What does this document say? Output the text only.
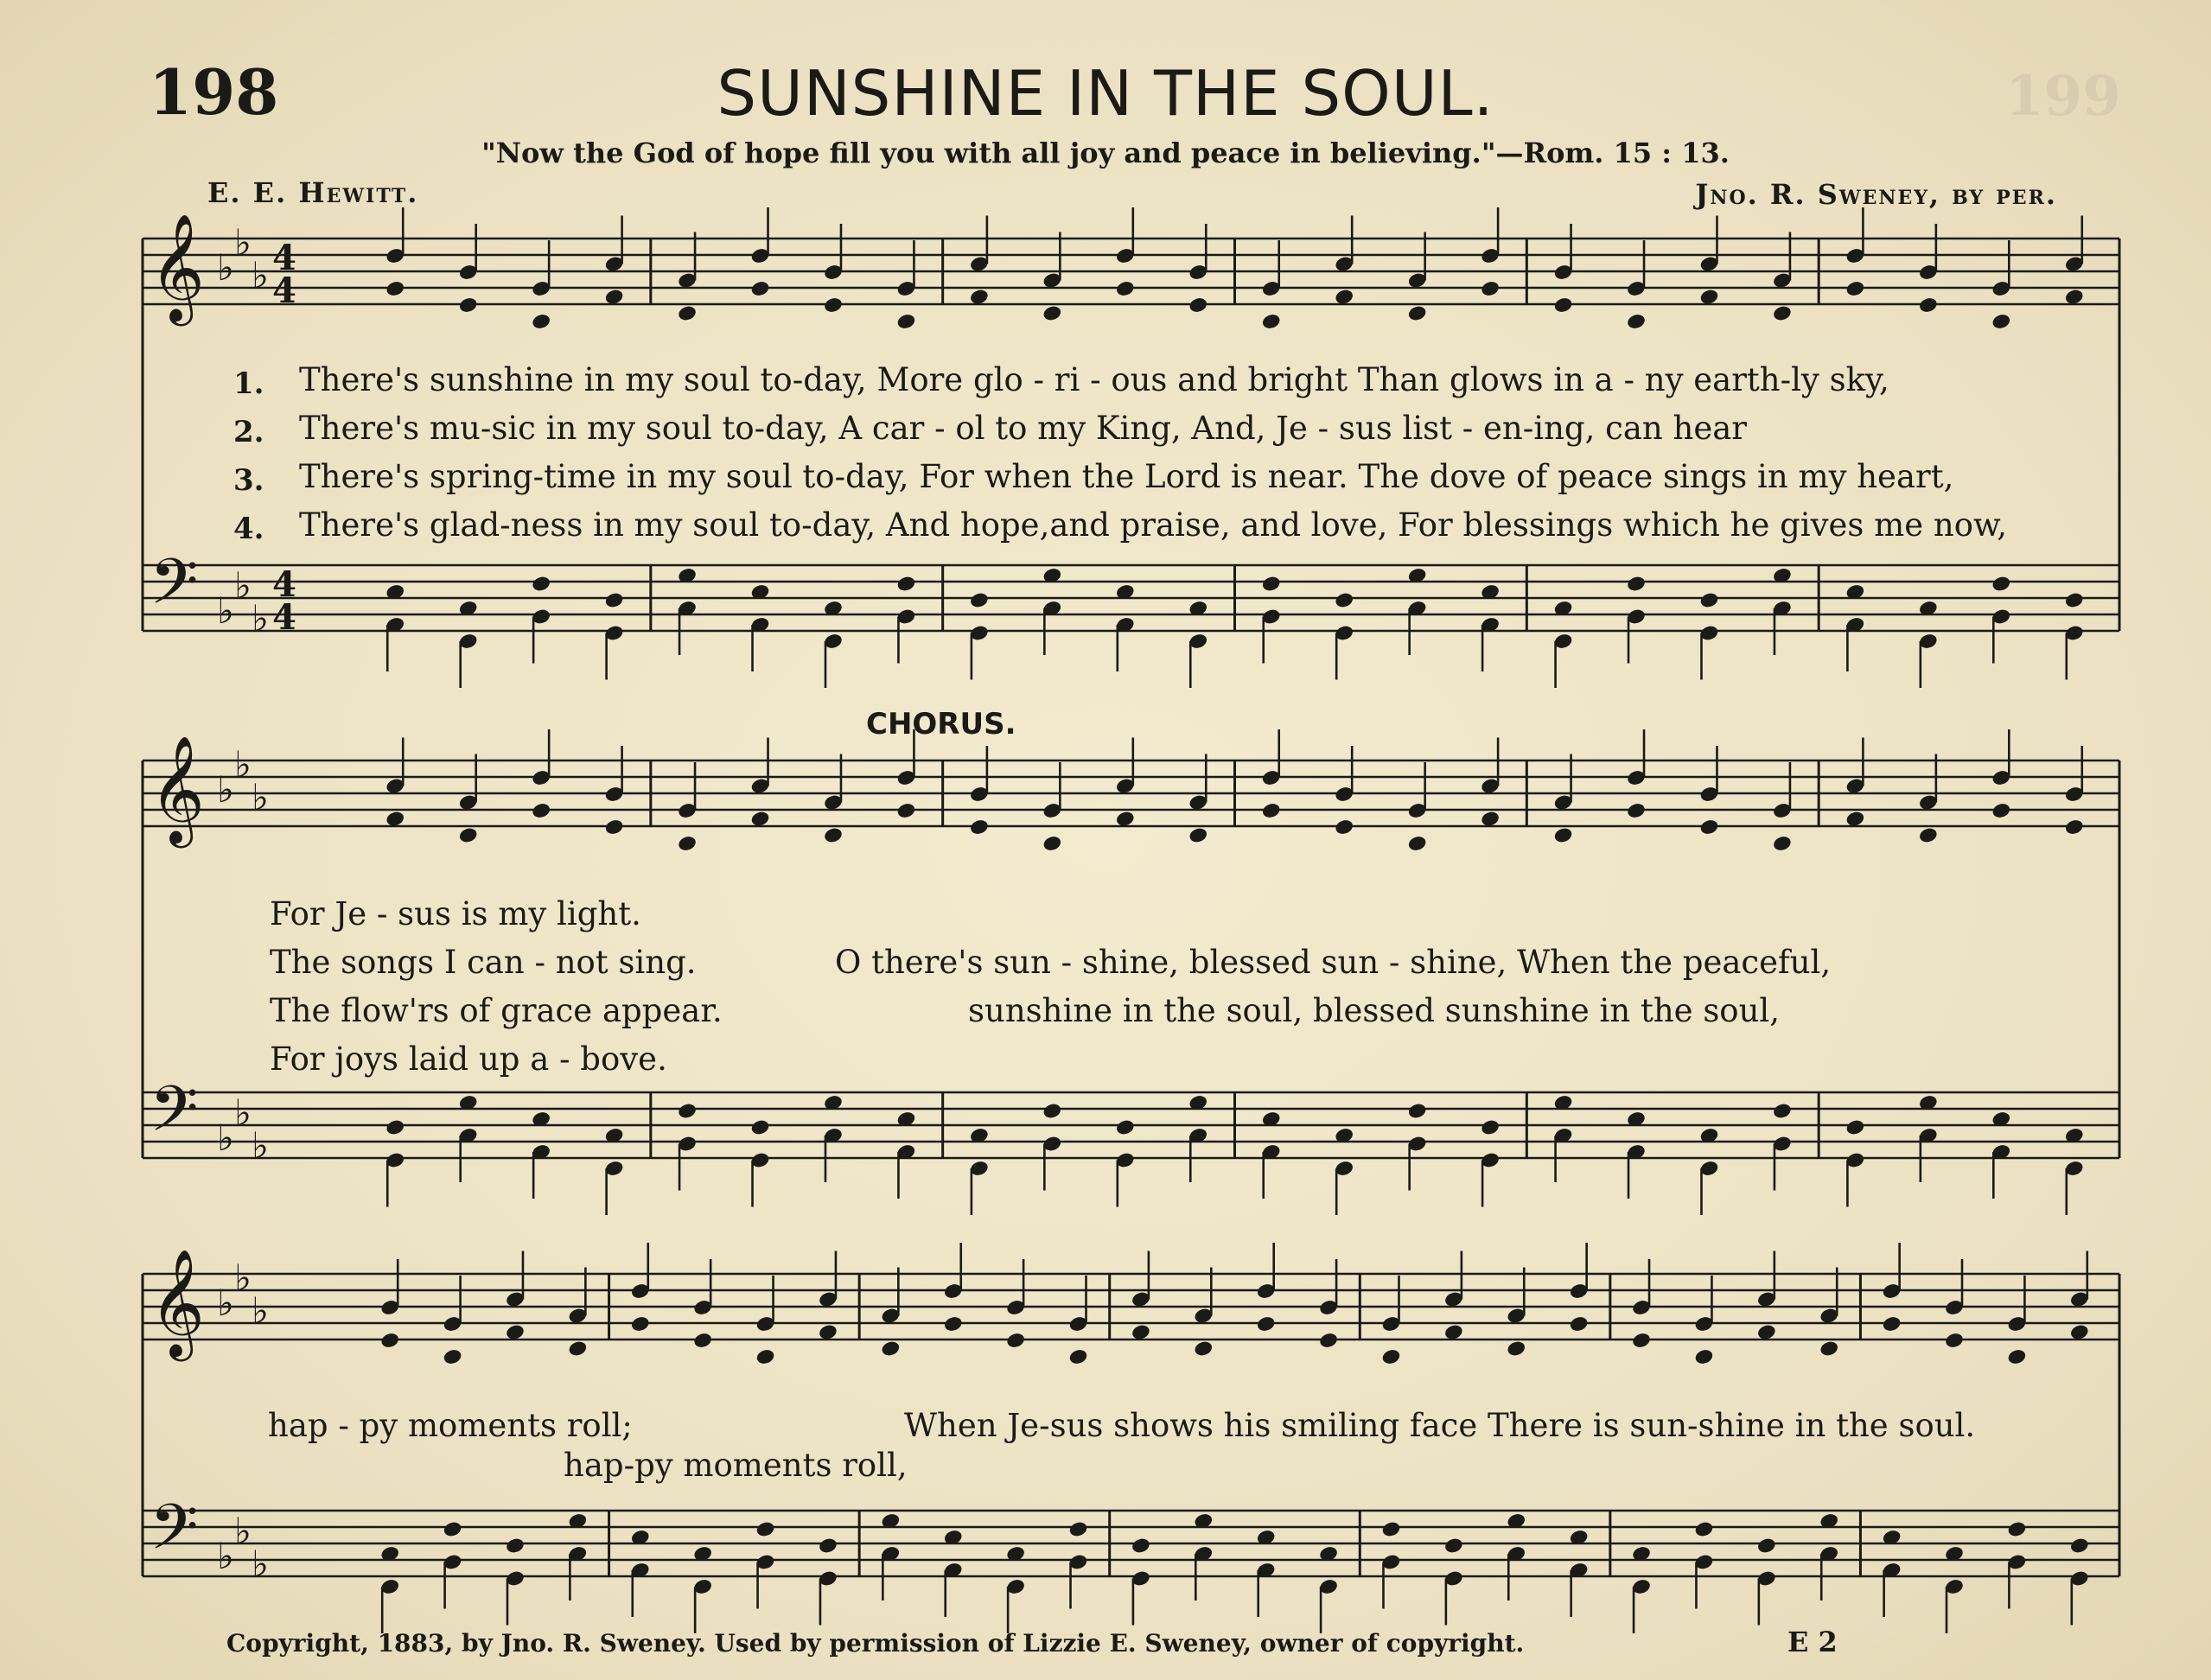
𝄞 ♭
♭
♭ 4
4
𝄢 ♭
♭
♭
4
4
𝄞 ♭
♭
♭
𝄢 ♭
♭
♭
𝄞 ♭
♭
♭
𝄢 ♭
♭
♭
198	199
SUNSHINE IN THE SOUL.
"Now the God of hope fill you with all joy and peace in believing."—Rom. 15 : 13.
E. E. Hewitt.	Jno. R. Sweney, by per.
1. There's sunshine in my soul to-day, More glo - ri - ous and bright Than glows in a - ny earth-ly sky,
2. There's mu-sic in my soul to-day, A car - ol to my King, And, Je - sus list - en-ing, can hear
3. There's spring-time in my soul to-day, For when the Lord is near. The dove of peace sings in my heart,
4. There's glad-ness in my soul to-day, And hope,and praise, and love, For blessings which he gives me now,
CHORUS.
For Je - sus is my light.
The songs I can - not sing.
The flow'rs of grace appear.
For joys laid up a - bove.
O there's sun - shine, blessed sun - shine, When the peaceful,
sunshine in the soul, blessed sunshine in the soul,
hap - py moments roll;	When Je-sus shows his smiling face There is sun-shine in the soul.
hap-py moments roll,
Copyright, 1883, by Jno. R. Sweney. Used by permission of Lizzie E. Sweney, owner of copyright.	E 2
